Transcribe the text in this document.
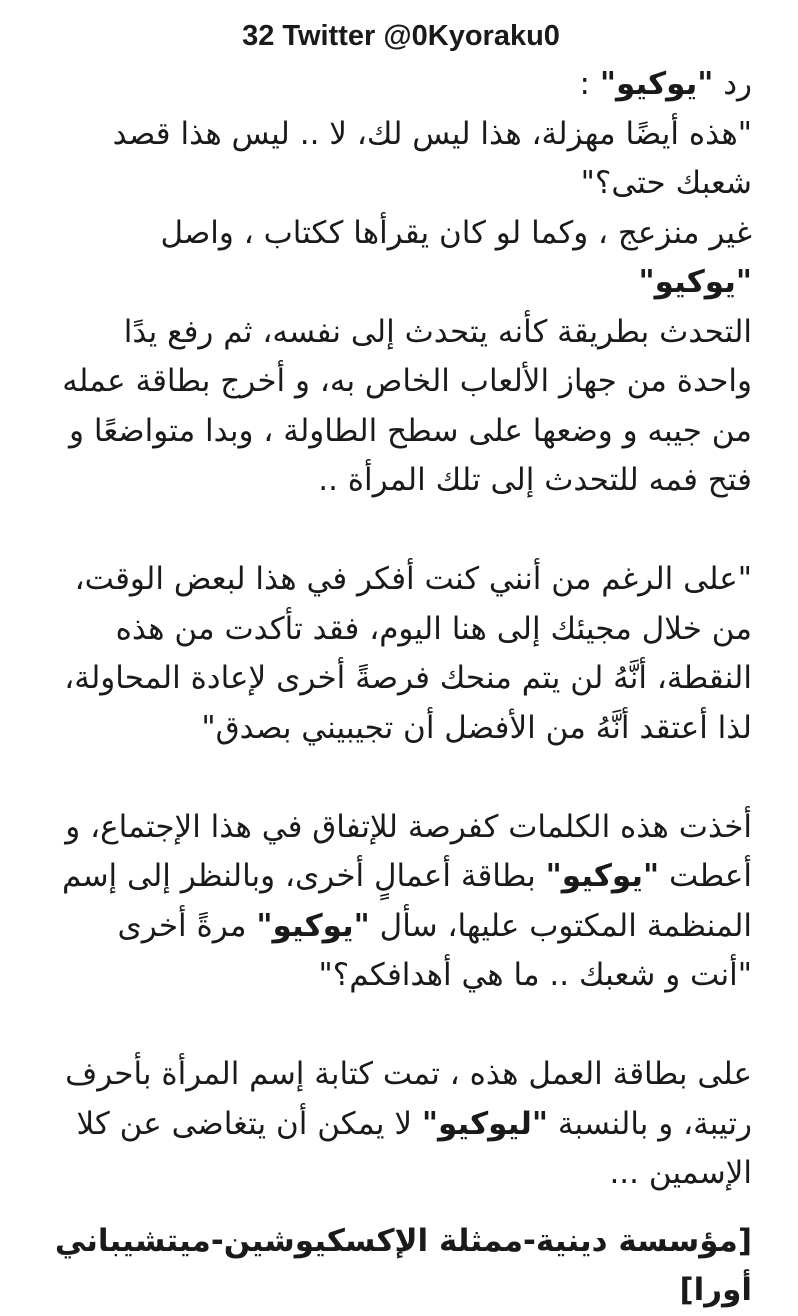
32 Twitter @0Kyoraku0
رد "يوكيو" :
"هذه أيضًا مهزلة، هذا ليس لك، لا .. ليس هذا قصد
شعبك حتى؟"
غير منزعج ، وكما لو كان يقرأها ككتاب ، واصل "يوكيو"
التحدث بطريقة كأنه يتحدث إلى نفسه، ثم رفع يدًا
واحدة من جهاز الألعاب الخاص به، و أخرج بطاقة عمله
من جيبه و وضعها على سطح الطاولة ، وبدا متواضعًا و
فتح فمه للتحدث إلى تلك المرأة ..
"على الرغم من أنني كنت أفكر في هذا لبعض الوقت،
من خلال مجيئك إلى هنا اليوم، فقد تأكدت من هذه
النقطة، أنَّهُ لن يتم منحك فرصةً أخرى لإعادة المحاولة،
لذا أعتقد أنَّهُ من الأفضل أن تجيبيني بصدق"
أخذت هذه الكلمات كفرصة للإتفاق في هذا الإجتماع، و
أعطت "يوكيو" بطاقة أعمالٍ أخرى، وبالنظر إلى إسم
المنظمة المكتوب عليها، سأل "يوكيو" مرةً أخرى
"أنت و شعبك .. ما هي أهدافكم؟"
على بطاقة العمل هذه ، تمت كتابة إسم المرأة بأحرف
رتيبة، و بالنسبة "ليوكيو" لا يمكن أن يتغاضى عن كلا
الإسمين ...
[مؤسسة دينية-ممثلة الإكسكيوشين-ميتشيباني أورا]
